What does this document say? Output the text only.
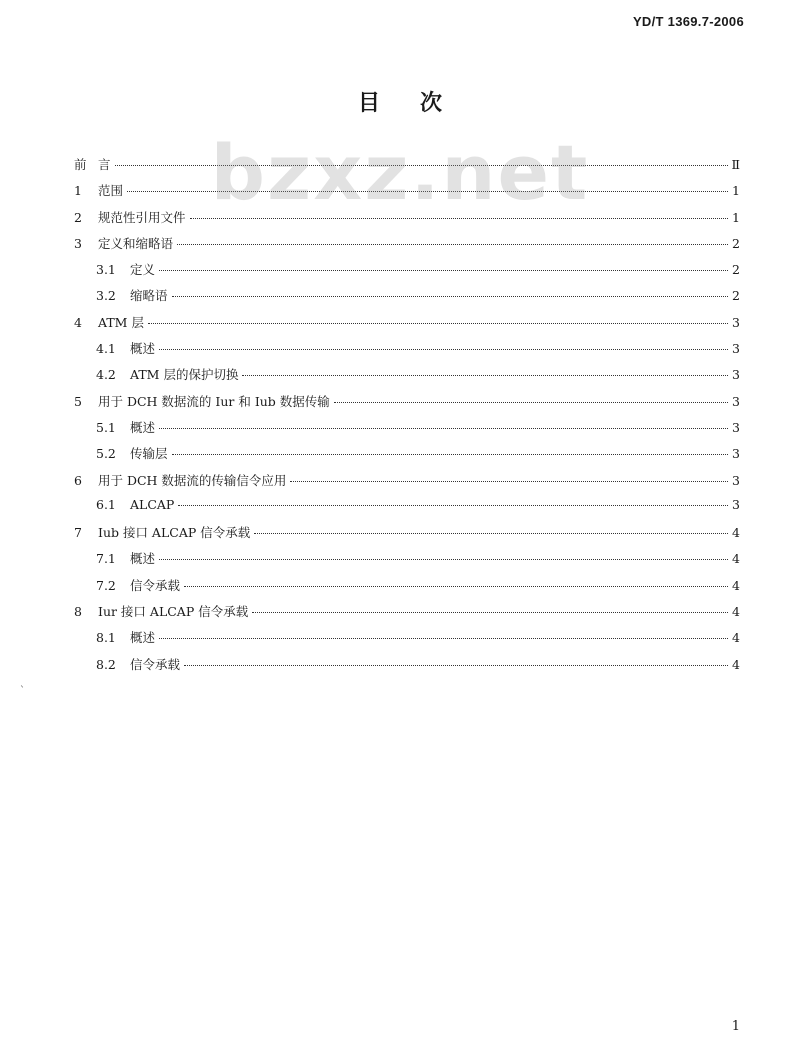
YD/T 1369.7-2006
目次
bzxz.net
前 言	Ⅱ
1	范围	1
2	规范性引用文件	1
3	定义和缩略语	2
3.1	定义	2
3.2	缩略语	2
4	ATM 层	3
4.1	概述	3
4.2	ATM 层的保护切换	3
5	用于 DCH 数据流的 Iur 和 Iub 数据传输	3
5.1	概述	3
5.2	传输层	3
6	用于 DCH 数据流的传输信令应用	3
6.1	ALCAP	3
7	Iub 接口 ALCAP 信令承载	4
7.1	概述	4
7.2	信令承载	4
8	Iur 接口 ALCAP 信令承载	4
8.1	概述	4
8.2	信令承载	4
`
1
